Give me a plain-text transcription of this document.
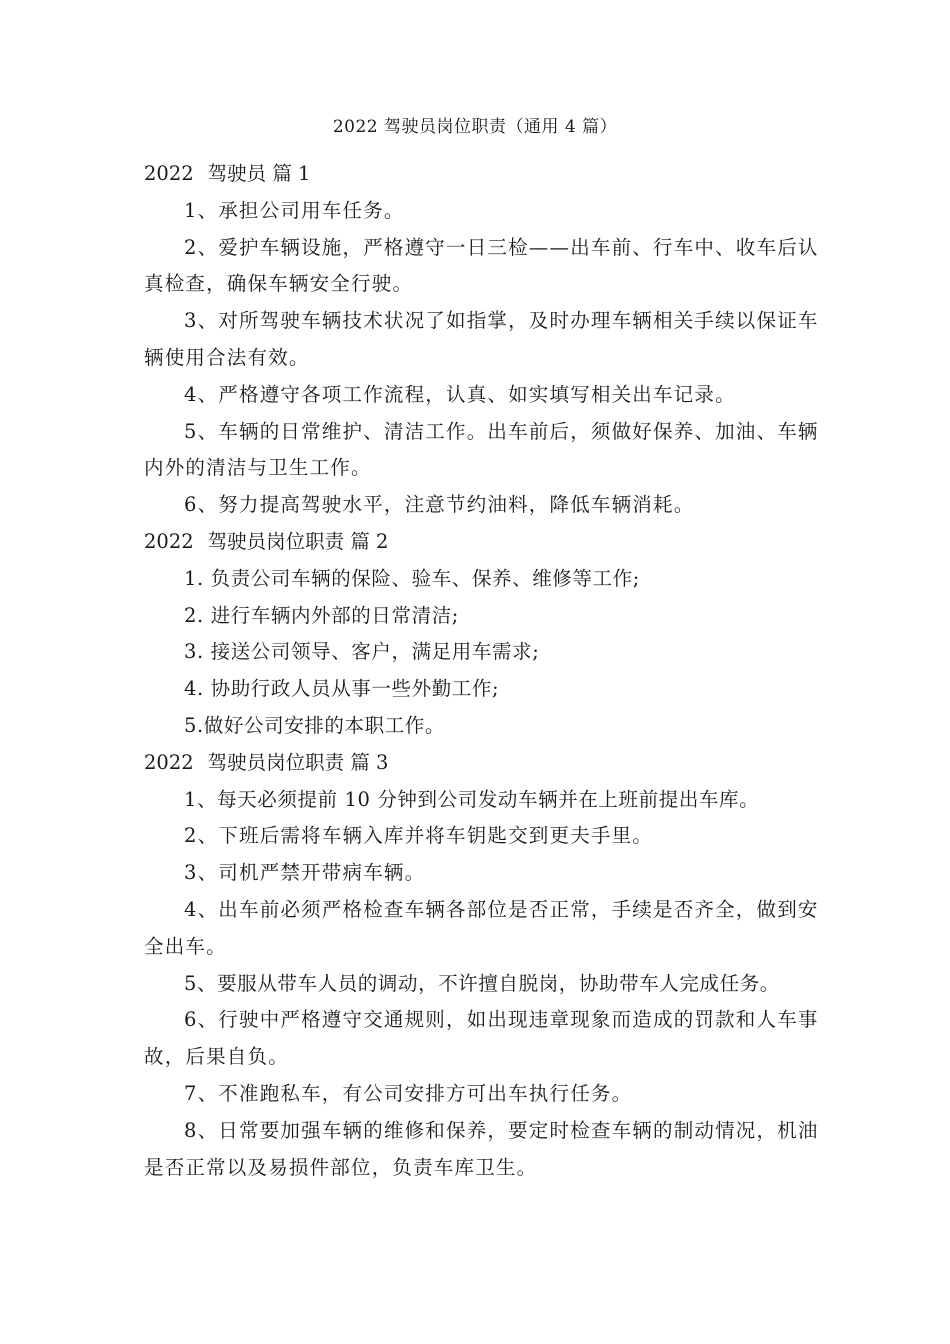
2022 驾驶员岗位职责（通用 4 篇）

2022 驾驶员 篇 1

1、承担公司用车任务。

2、爱护车辆设施，严格遵守一日三检——出车前、行车中、收车后认真检查，确保车辆安全行驶。

3、对所驾驶车辆技术状况了如指掌，及时办理车辆相关手续以保证车辆使用合法有效。

4、严格遵守各项工作流程，认真、如实填写相关出车记录。

5、车辆的日常维护、清洁工作。出车前后，须做好保养、加油、车辆内外的清洁与卫生工作。

6、努力提高驾驶水平，注意节约油料，降低车辆消耗。

2022 驾驶员岗位职责 篇 2

1. 负责公司车辆的保险、验车、保养、维修等工作;

2. 进行车辆内外部的日常清洁;

3. 接送公司领导、客户，满足用车需求;

4. 协助行政人员从事一些外勤工作;

5.做好公司安排的本职工作。

2022 驾驶员岗位职责 篇 3

1、每天必须提前 10 分钟到公司发动车辆并在上班前提出车库。

2、下班后需将车辆入库并将车钥匙交到更夫手里。

3、司机严禁开带病车辆。

4、出车前必须严格检查车辆各部位是否正常，手续是否齐全，做到安全出车。

5、要服从带车人员的调动，不许擅自脱岗，协助带车人完成任务。

6、行驶中严格遵守交通规则，如出现违章现象而造成的罚款和人车事故，后果自负。

7、不准跑私车，有公司安排方可出车执行任务。

8、日常要加强车辆的维修和保养，要定时检查车辆的制动情况，机油是否正常以及易损件部位，负责车库卫生。
